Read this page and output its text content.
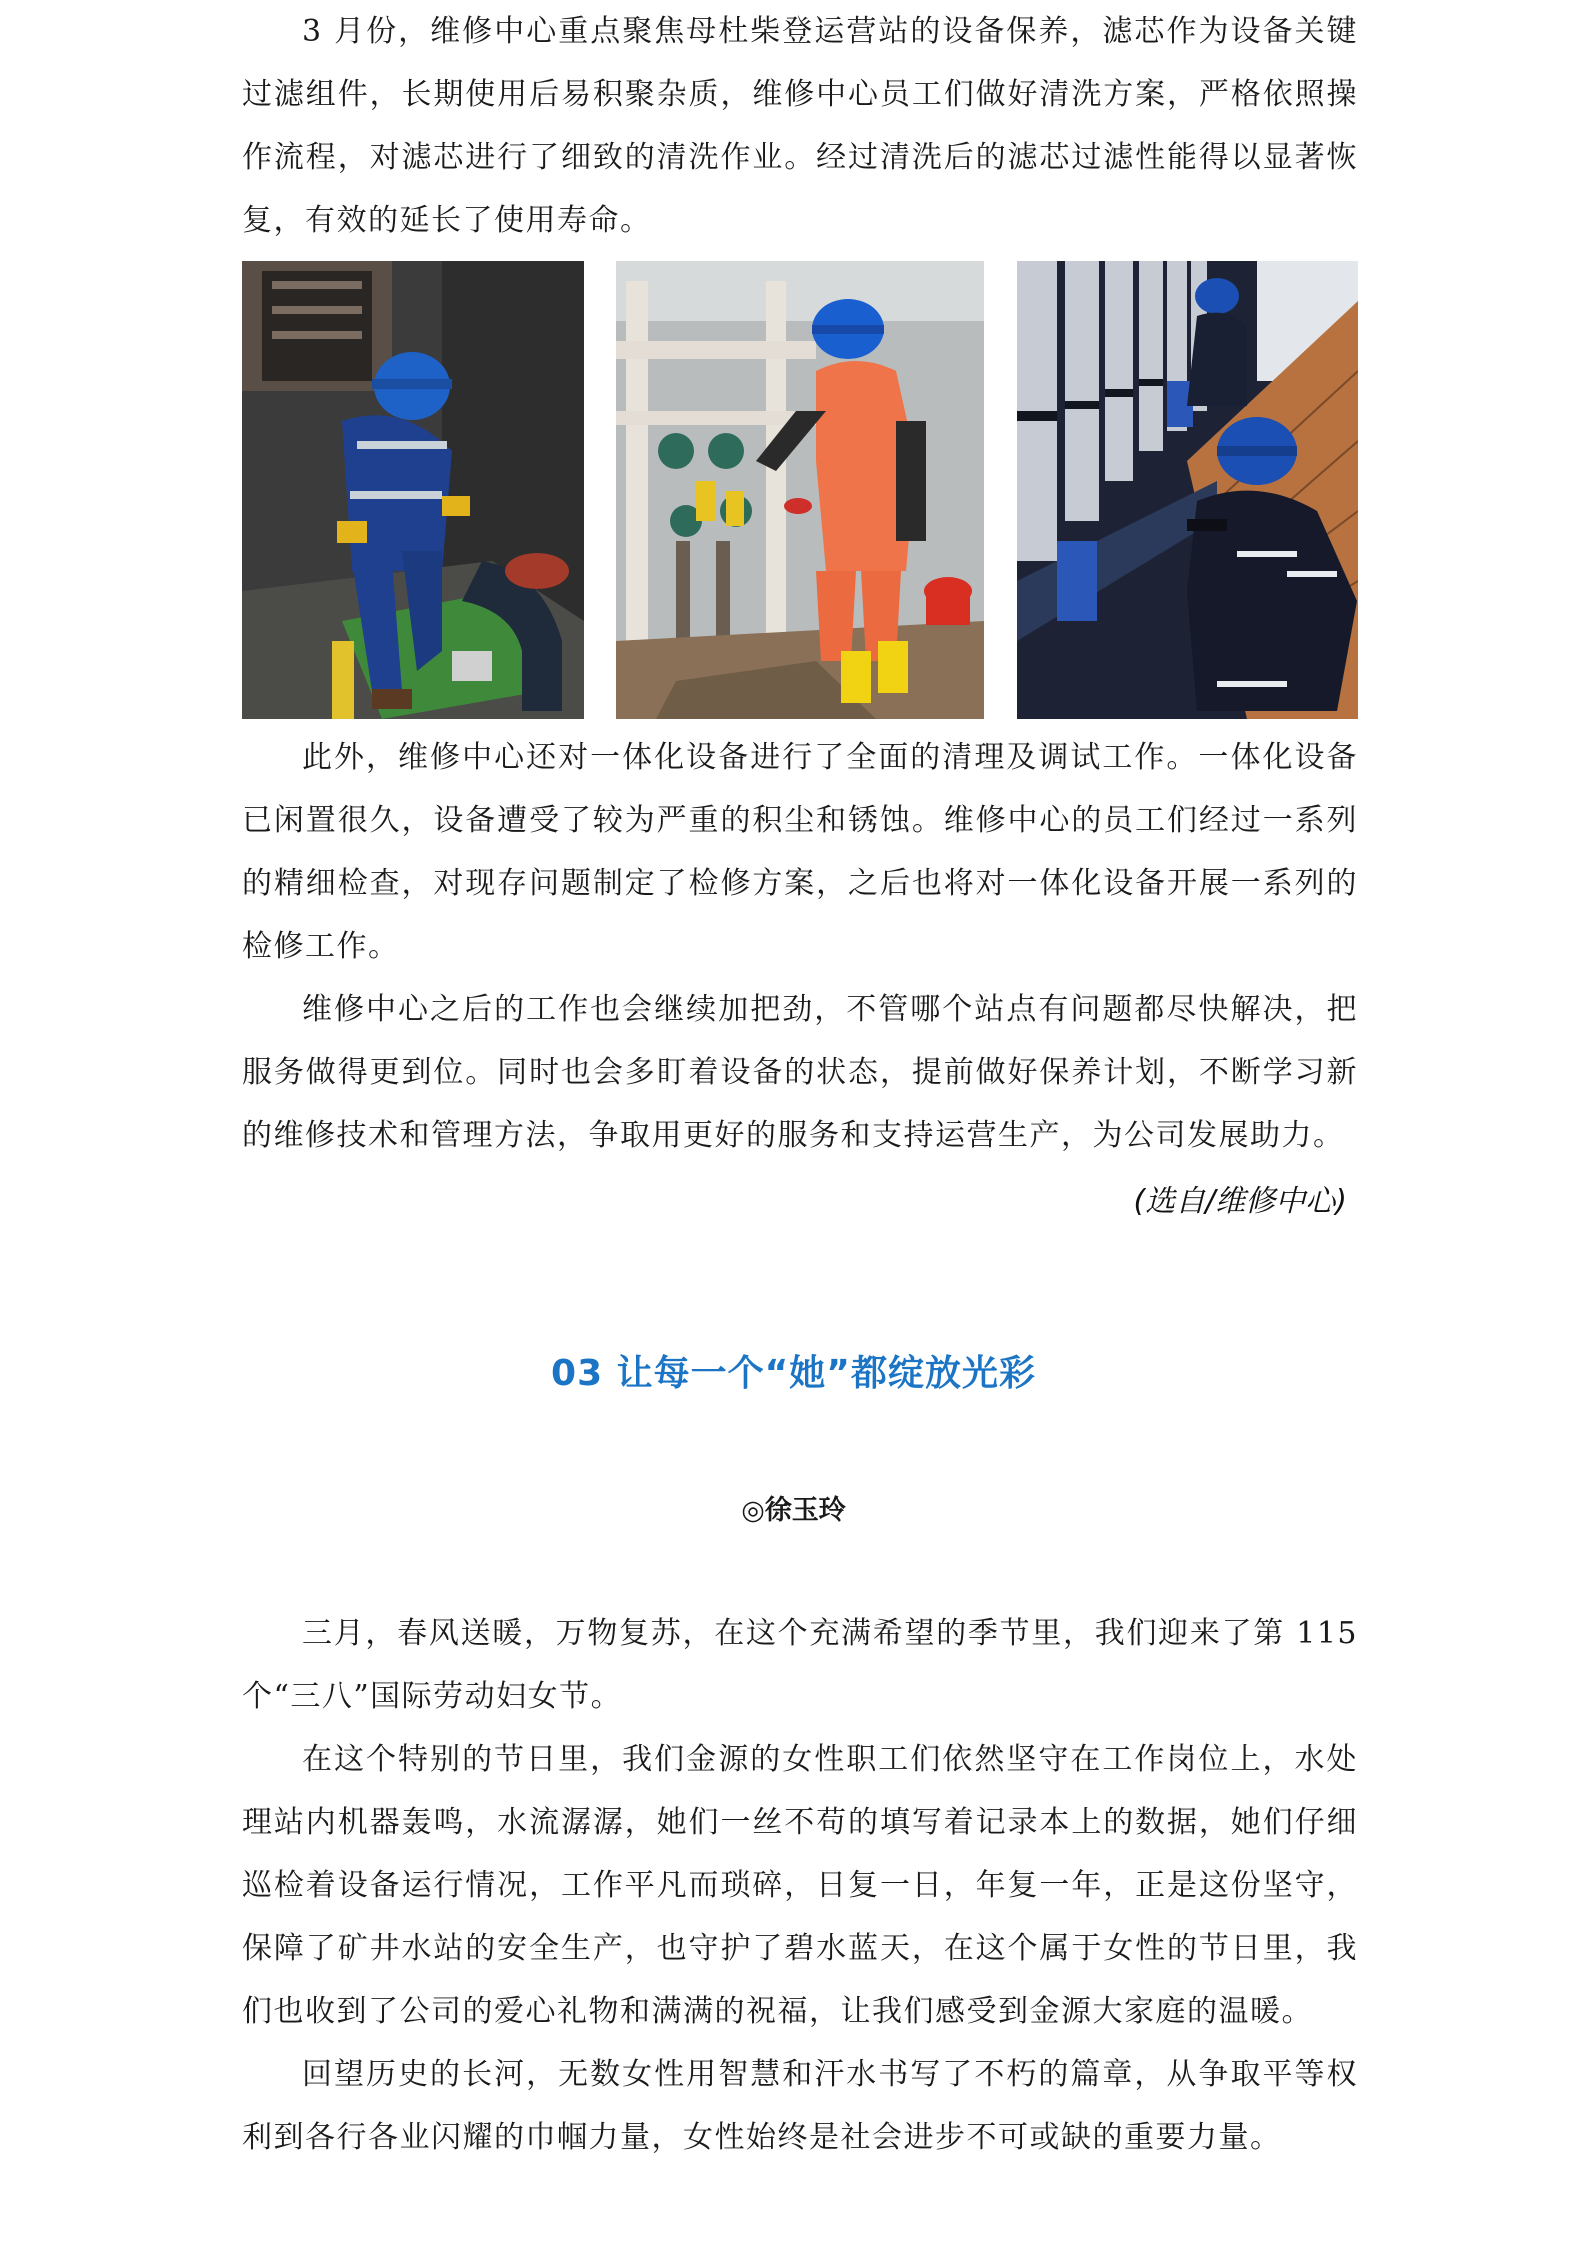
3 月份，维修中心重点聚焦母杜柴登运营站的设备保养，滤芯作为设备关键过滤组件，长期使用后易积聚杂质，维修中心员工们做好清洗方案，严格依照操作流程，对滤芯进行了细致的清洗作业。经过清洗后的滤芯过滤性能得以显著恢复，有效的延长了使用寿命。

此外，维修中心还对一体化设备进行了全面的清理及调试工作。一体化设备已闲置很久，设备遭受了较为严重的积尘和锈蚀。维修中心的员工们经过一系列的精细检查，对现存问题制定了检修方案，之后也将对一体化设备开展一系列的检修工作。

维修中心之后的工作也会继续加把劲，不管哪个站点有问题都尽快解决，把服务做得更到位。同时也会多盯着设备的状态，提前做好保养计划，不断学习新的维修技术和管理方法，争取用更好的服务和支持运营生产，为公司发展助力。

(选自/维修中心)

03 让每一个“她”都绽放光彩

◎徐玉玲

三月，春风送暖，万物复苏，在这个充满希望的季节里，我们迎来了第 115 个“三八”国际劳动妇女节。

在这个特别的节日里，我们金源的女性职工们依然坚守在工作岗位上，水处理站内机器轰鸣，水流潺潺，她们一丝不苟的填写着记录本上的数据，她们仔细巡检着设备运行情况，工作平凡而琐碎，日复一日，年复一年，正是这份坚守，保障了矿井水站的安全生产，也守护了碧水蓝天，在这个属于女性的节日里，我们也收到了公司的爱心礼物和满满的祝福，让我们感受到金源大家庭的温暖。

回望历史的长河，无数女性用智慧和汗水书写了不朽的篇章，从争取平等权利到各行各业闪耀的巾帼力量，女性始终是社会进步不可或缺的重要力量。
